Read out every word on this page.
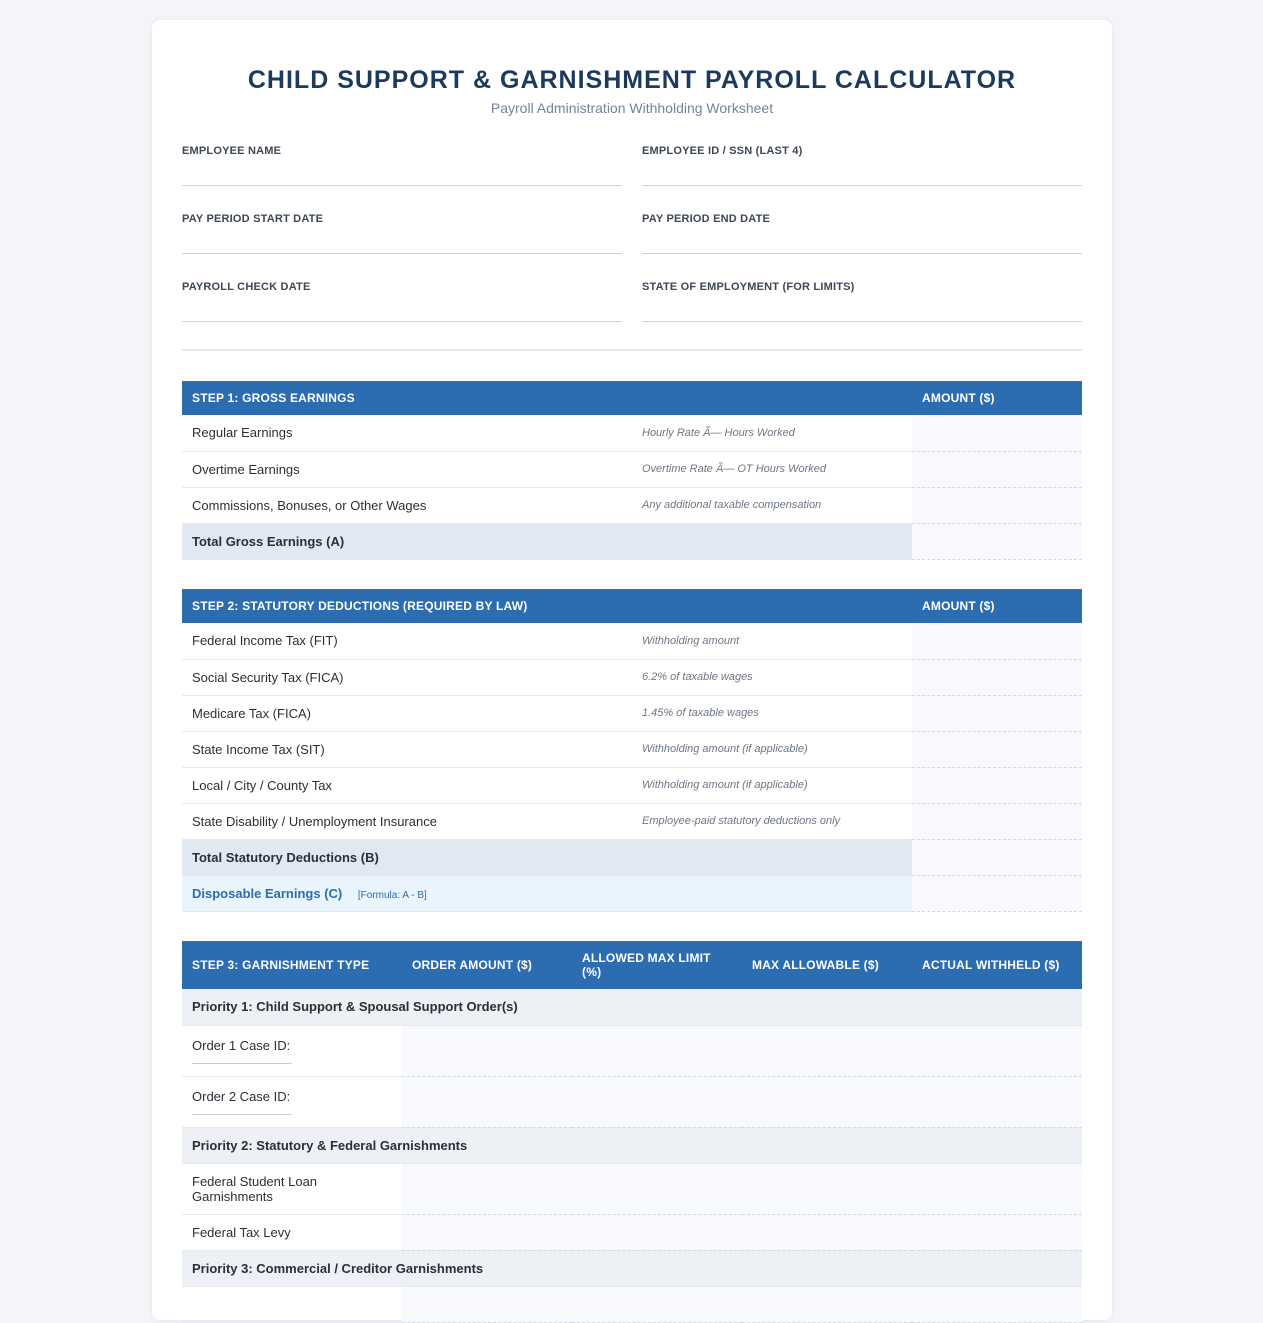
CHILD SUPPORT & GARNISHMENT PAYROLL CALCULATOR
Payroll Administration Withholding Worksheet
EMPLOYEE NAME	EMPLOYEE ID / SSN (LAST 4)
PAY PERIOD START DATE	PAY PERIOD END DATE
PAYROLL CHECK DATE	STATE OF EMPLOYMENT (FOR LIMITS)
STEP 1: GROSS EARNINGS		AMOUNT ($)
Regular Earnings	Hourly Rate Ã— Hours Worked	
Overtime Earnings	Overtime Rate Ã— OT Hours Worked	
Commissions, Bonuses, or Other Wages	Any additional taxable compensation	
Total Gross Earnings (A)		
STEP 2: STATUTORY DEDUCTIONS (REQUIRED BY LAW)		AMOUNT ($)
Federal Income Tax (FIT)	Withholding amount	
Social Security Tax (FICA)	6.2% of taxable wages	
Medicare Tax (FICA)	1.45% of taxable wages	
State Income Tax (SIT)	Withholding amount (if applicable)	
Local / City / County Tax	Withholding amount (if applicable)	
State Disability / Unemployment Insurance	Employee-paid statutory deductions only	
Total Statutory Deductions (B)		
Disposable Earnings (C) [Formula: A - B]		
STEP 3: GARNISHMENT TYPE	ORDER AMOUNT ($)	ALLOWED MAX LIMIT (%)	MAX ALLOWABLE ($)	ACTUAL WITHHELD ($)
Priority 1: Child Support & Spousal Support Order(s)				
Order 1 Case ID:

Order 2 Case ID:

Priority 2: Statutory & Federal Garnishments				
Federal Student Loan Garnishments				
Federal Tax Levy				
Priority 3: Commercial / Creditor Garnishments				
